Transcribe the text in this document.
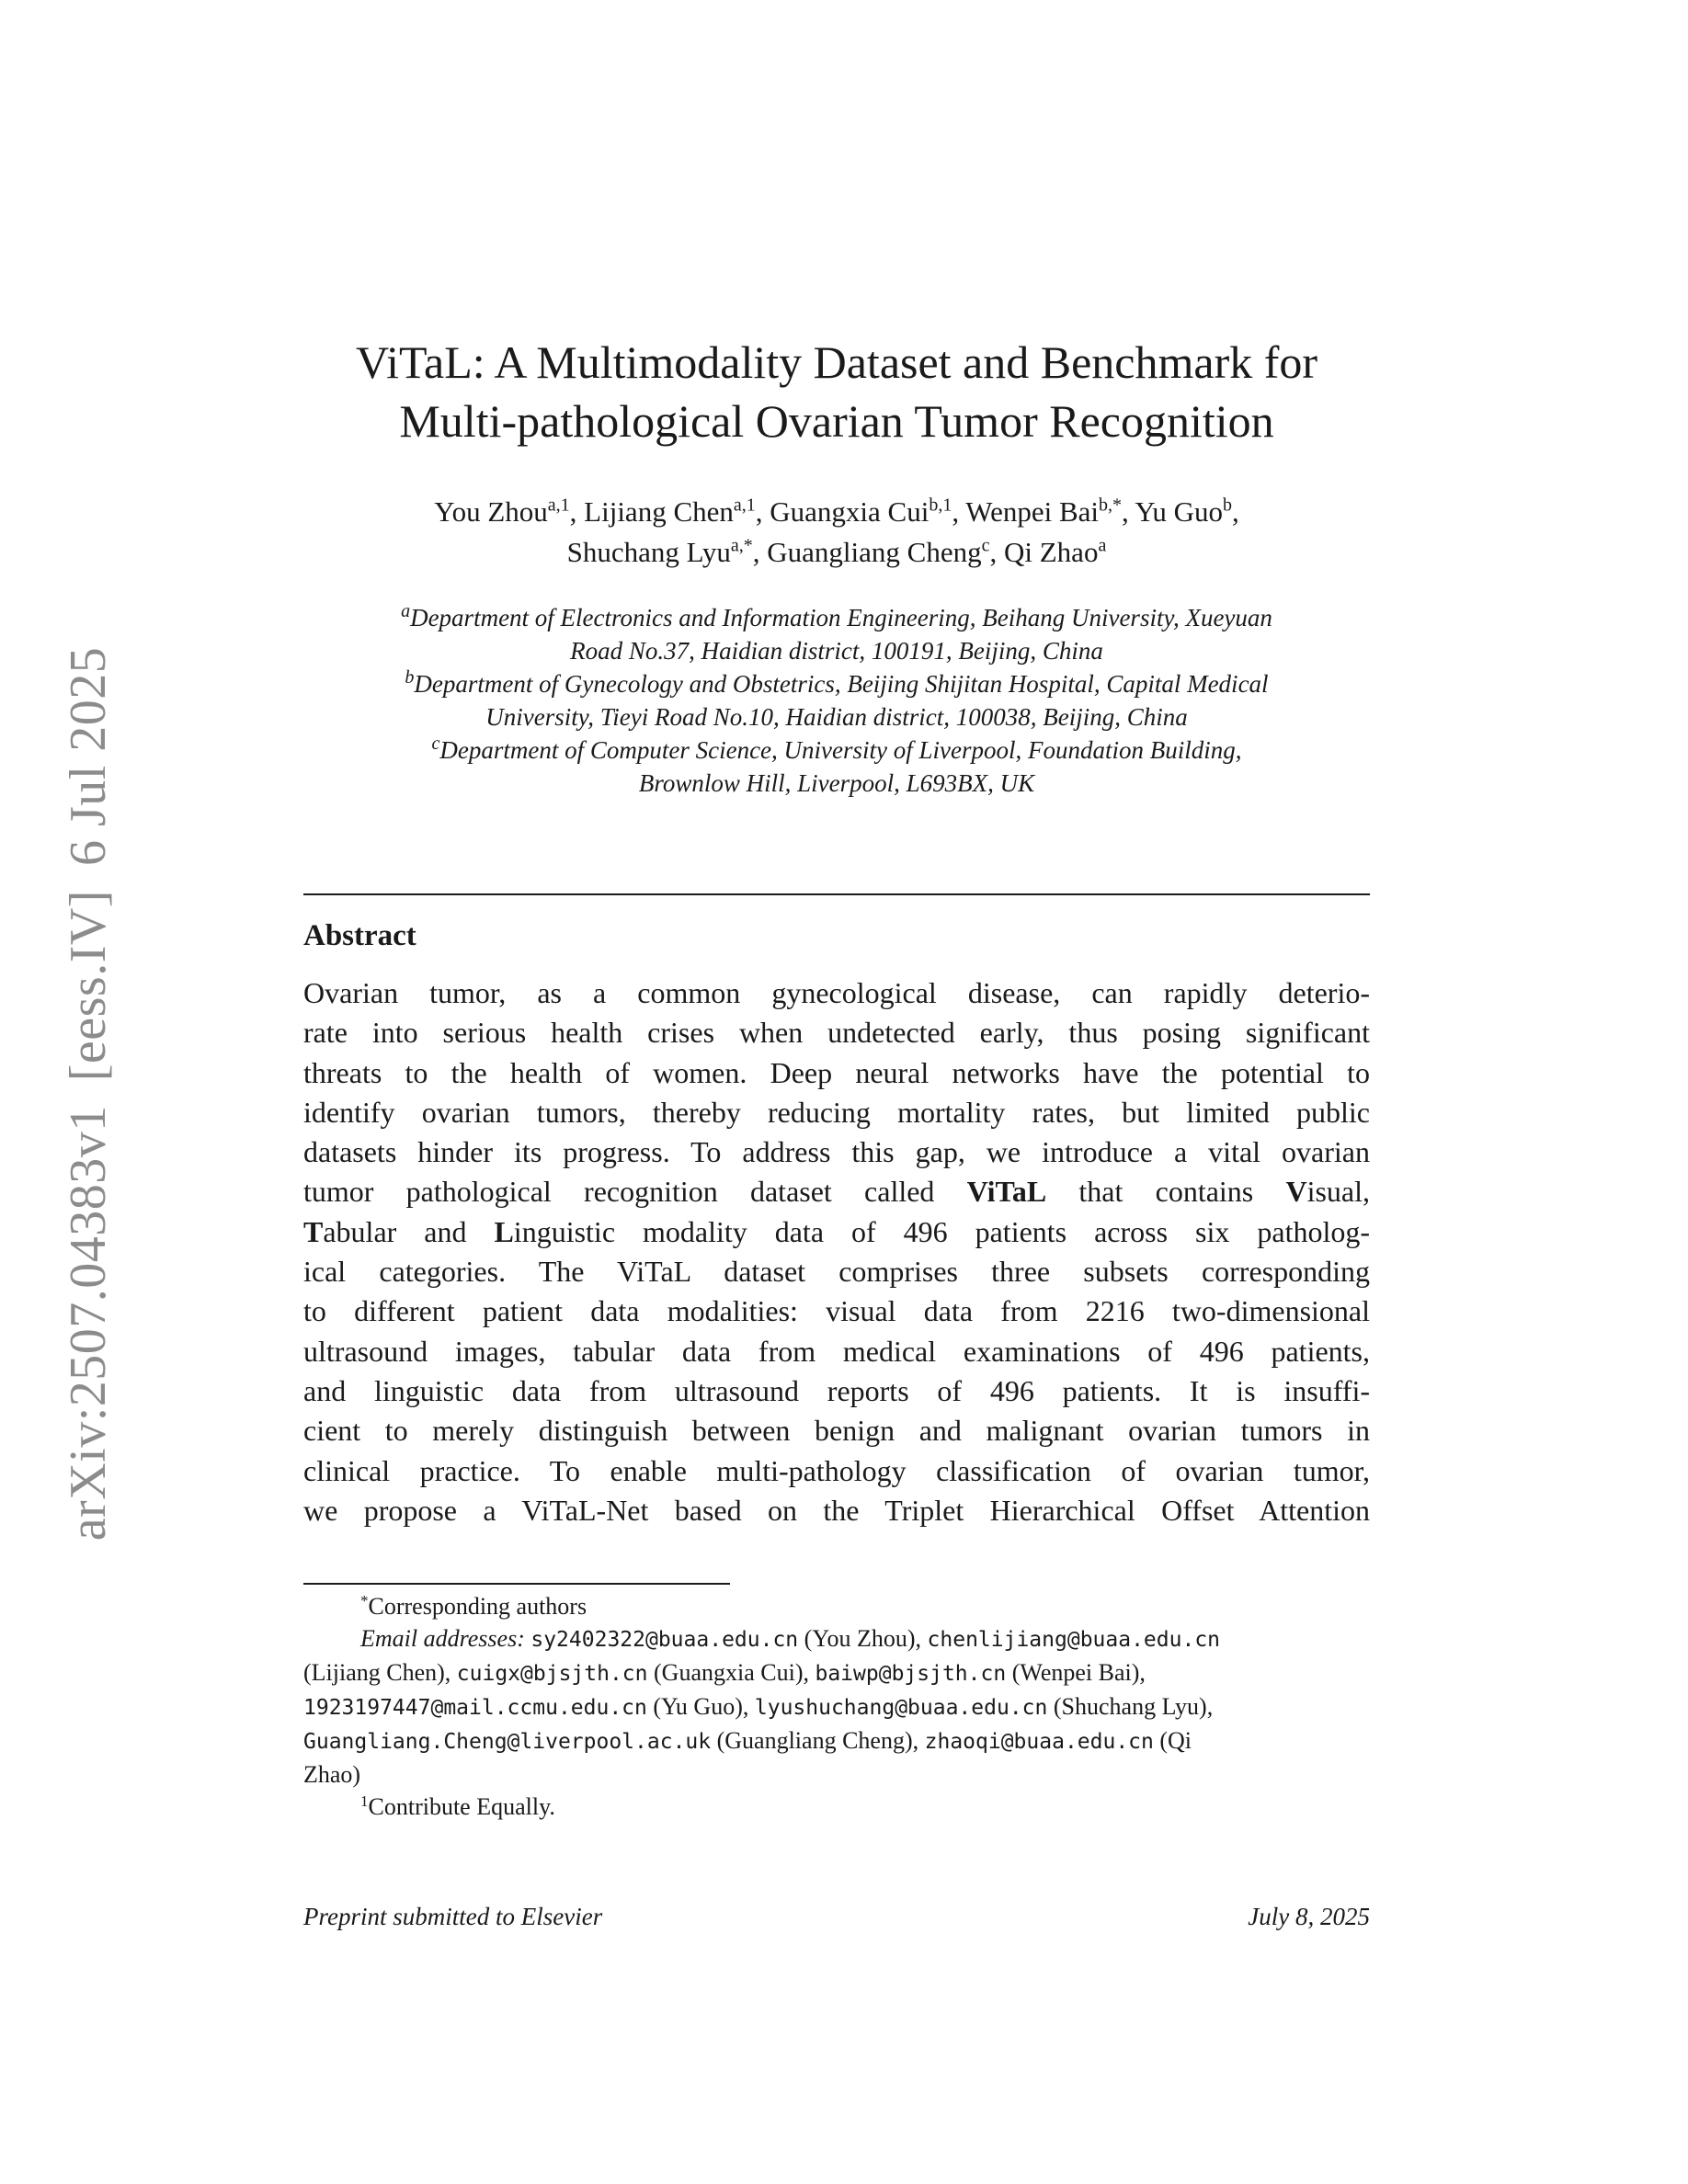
arXiv:2507.04383v1[eess.IV]6 Jul 2025
ViTaL: A Multimodality Dataset and Benchmark for
Multi-pathological Ovarian Tumor Recognition
You Zhou$^{a,1}$, Lijiang Chen$^{a,1}$, Guangxia Cui$^{b,1}$, Wenpei Bai$^{b,*}$, Yu Guo$^b$,
Shuchang Lyu$^{a,*}$, Guangliang Cheng$^c$, Qi Zhao$^a$
$^a$Department of Electronics and Information Engineering, Beihang University, Xueyuan
Road No.37, Haidian district, 100191, Beijing, China
$^b$Department of Gynecology and Obstetrics, Beijing Shijitan Hospital, Capital Medical
University, Tieyi Road No.10, Haidian district, 100038, Beijing, China
$^c$Department of Computer Science, University of Liverpool, Foundation Building,
Brownlow Hill, Liverpool, L693BX, UK
Abstract
Ovarian tumor, as a common gynecological disease, can rapidly deterio-
rate into serious health crises when undetected early, thus posing significant
threats to the health of women. Deep neural networks have the potential to
identify ovarian tumors, thereby reducing mortality rates, but limited public
datasets hinder its progress. To address this gap, we introduce a vital ovarian
tumor pathological recognition dataset called ViTaL that contains Visual,
Tabular and Linguistic modality data of 496 patients across six patholog-
ical categories. The ViTaL dataset comprises three subsets corresponding
to different patient data modalities: visual data from 2216 two-dimensional
ultrasound images, tabular data from medical examinations of 496 patients,
and linguistic data from ultrasound reports of 496 patients. It is insuffi-
cient to merely distinguish between benign and malignant ovarian tumors in
clinical practice. To enable multi-pathology classification of ovarian tumor,
we propose a ViTaL-Net based on the Triplet Hierarchical Offset Attention
*Corresponding authors
Email addresses: sy2402322@buaa.edu.cn (You Zhou), chenlijiang@buaa.edu.cn
(Lijiang Chen), cuigx@bjsjth.cn (Guangxia Cui), baiwp@bjsjth.cn (Wenpei Bai),
1923197447@mail.ccmu.edu.cn (Yu Guo), lyushuchang@buaa.edu.cn (Shuchang Lyu),
Guangliang.Cheng@liverpool.ac.uk (Guangliang Cheng), zhaoqi@buaa.edu.cn (Qi
Zhao)
$^1$Contribute Equally.
Preprint submitted to Elsevier	July 8, 2025
